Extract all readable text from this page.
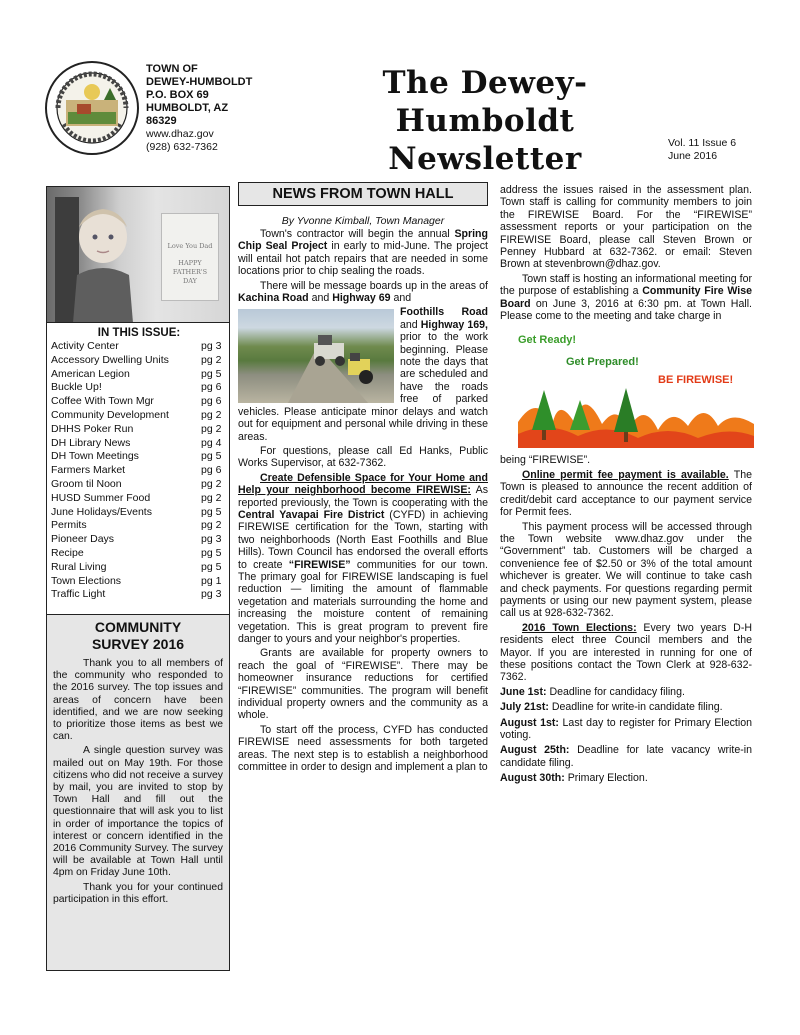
TOWN OF
DEWEY-HUMBOLDT
P.O. BOX 69
HUMBOLDT, AZ
86329
www.dhaz.gov
(928) 632-7362
The Dewey-Humboldt
Newsletter	Vol. 11 Issue 6
June 2016
Love You Dad
HAPPY
FATHER'S
DAY
IN THIS ISSUE:
Activity Center	pg 3
Accessory Dwelling Units	pg 2
American Legion	pg 5
Buckle Up!	pg 6
Coffee With Town Mgr	pg 6
Community Development	pg 2
DHHS Poker Run	pg 2
DH Library News	pg 4
DH Town Meetings	pg 5
Farmers Market	pg 6
Groom til Noon	pg 2
HUSD Summer Food	pg 2
June Holidays/Events	pg 5
Permits	pg 2
Pioneer Days	pg 3
Recipe	pg 5
Rural Living	pg 5
Town Elections	pg 1
Traffic Light	pg 3
COMMUNITY
SURVEY 2016

Thank you to all members of the community who responded to the 2016 survey. The top issues and areas of concern have been identified, and we are now seeking to prioritize those items as best we can.

A single question survey was mailed out on May 19th. For those citizens who did not receive a survey by mail, you are invited to stop by Town Hall and fill out the questionnaire that will ask you to list in order of importance the topics of interest or concern identified in the 2016 Community Survey. The survey will be available at Town Hall until 4pm on Friday June 10th.

Thank you for your continued participation in this effort.

NEWS FROM TOWN HALL
By Yvonne Kimball, Town Manager

Town's contractor will begin the annual Spring Chip Seal Project in early to mid-June. The project will entail hot patch repairs that are needed in some locations prior to chip sealing the roads.

There will be message boards up in the areas of Kachina Road and Highway 69 and

Foothills Road and Highway 169, prior to the work beginning. Please note the days that are scheduled and have the roads free of parked vehicles. Please anticipate minor delays and watch out for equipment and personal while driving in these areas.

For questions, please call Ed Hanks, Public Works Supervisor, at 632-7362.

Create Defensible Space for Your Home and Help your neighborhood become FIREWISE: As reported previously, the Town is cooperating with the Central Yavapai Fire District (CYFD) in achieving FIREWISE certification for the Town, starting with two neighborhoods (North East Foothills and Blue Hills). Town Council has endorsed the overall efforts to create “FIREWISE” communities for our town. The primary goal for FIREWISE landscaping is fuel reduction — limiting the amount of flammable vegetation and materials surrounding the home and increasing the moisture content of remaining vegetation. This is great program to prevent fire danger to yours and your neighbor's properties.

Grants are available for property owners to reach the goal of “FIREWISE”. There may be homeowner insurance reductions for certified “FIREWISE” communities. The program will benefit individual property owners and the community as a whole.

To start off the process, CYFD has conducted FIREWISE need assessments for both targeted areas. The next step is to establish a neighborhood committee in order to design and implement a plan to

address the issues raised in the assessment plan. Town staff is calling for community members to join the FIREWISE Board. For the “FIREWISE” assessment reports or your participation on the FIREWISE Board, please call Steven Brown or Penney Hubbard at 632-7362. or email: Steven Brown at stevenbrown@dhaz.gov.

Town staff is hosting an informational meeting for the purpose of establishing a Community Fire Wise Board on June 3, 2016 at 6:30 pm. at Town Hall. Please come to the meeting and take charge in

Get Ready!
Get Prepared!
BE FIREWISE!

being “FIREWISE”.

Online permit fee payment is available. The Town is pleased to announce the recent addition of credit/debit card acceptance to our payment service for Permit fees.

This payment process will be accessed through the Town website www.dhaz.gov under the “Government” tab. Customers will be charged a convenience fee of $2.50 or 3% of the total amount whichever is greater. We will continue to take cash and check payments. For questions regarding permit payments or using our new payment system, please call us at 928-632-7362.

2016 Town Elections: Every two years D-H residents elect three Council members and the Mayor. If you are interested in running for one of these positions contact the Town Clerk at 928-632-7362.

June 1st: Deadline for candidacy filing.

July 21st: Deadline for write-in candidate filing.

August 1st: Last day to register for Primary Election voting.

August 25th: Deadline for late vacancy write-in candidate filing.

August 30th: Primary Election.
